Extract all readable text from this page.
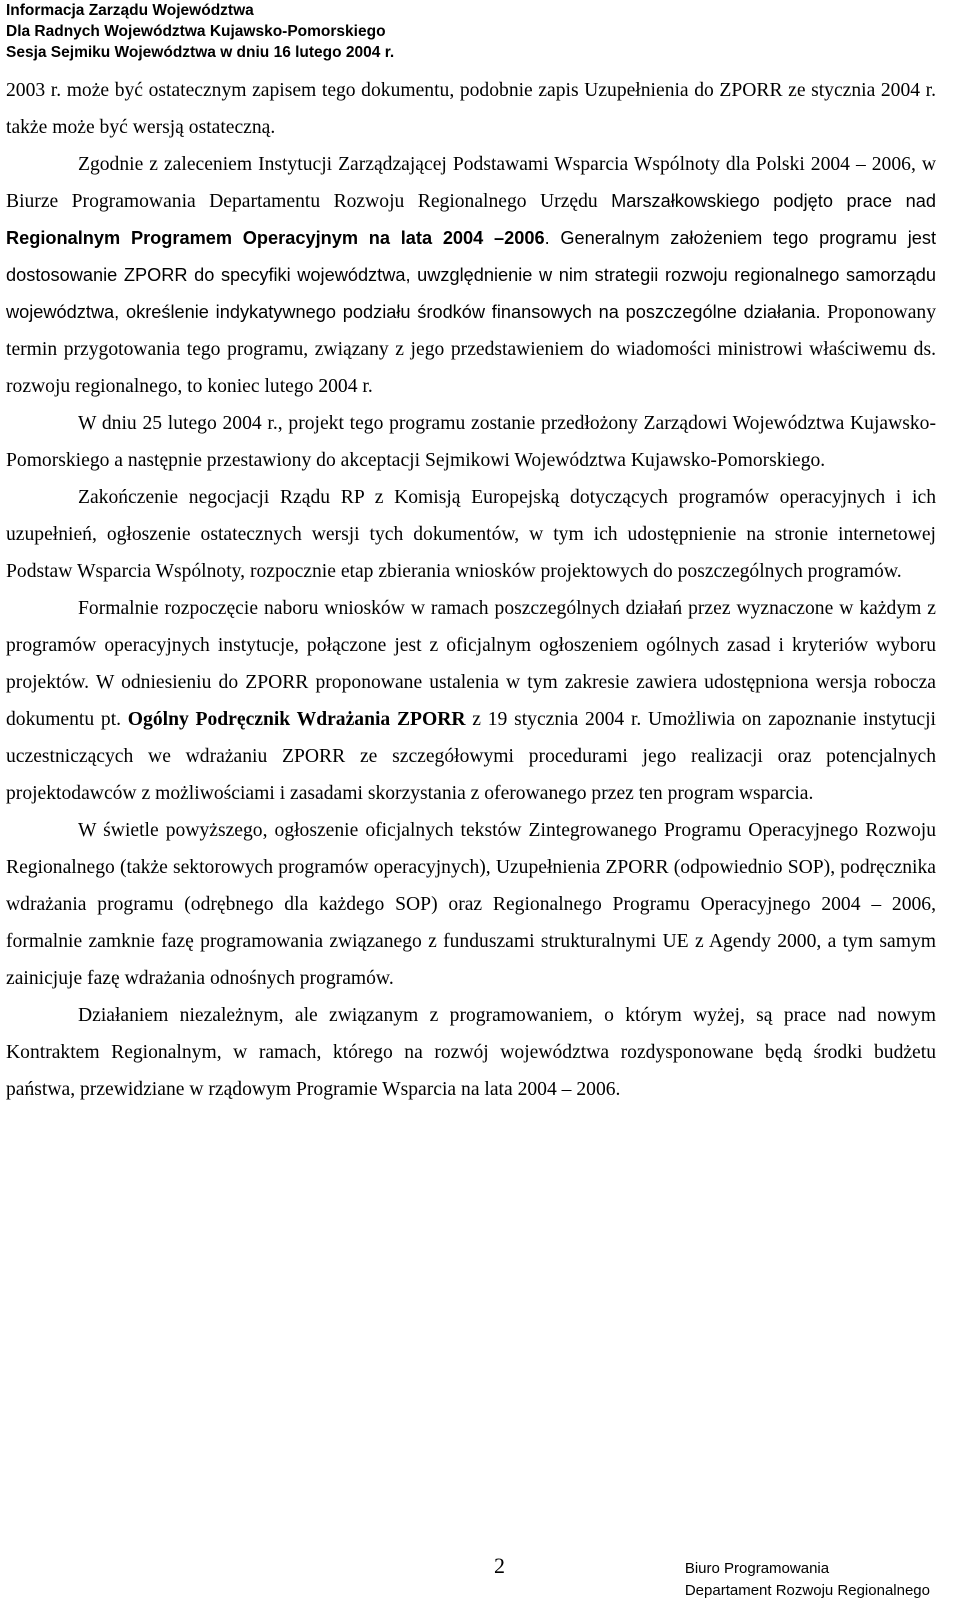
Informacja Zarządu Województwa
Dla Radnych Województwa Kujawsko-Pomorskiego
Sesja Sejmiku Województwa w dniu 16 lutego 2004 r.

2003 r. może być ostatecznym zapisem tego dokumentu, podobnie zapis Uzupełnienia do ZPORR ze stycznia 2004 r. także może być wersją ostateczną.

Zgodnie z zaleceniem Instytucji Zarządzającej Podstawami Wsparcia Wspólnoty dla Polski 2004 – 2006, w Biurze Programowania Departamentu Rozwoju Regionalnego Urzędu Marszałkowskiego podjęto prace nad Regionalnym Programem Operacyjnym na lata 2004 –2006. Generalnym założeniem tego programu jest dostosowanie ZPORR do specyfiki województwa, uwzględnienie w nim strategii rozwoju regionalnego samorządu województwa, określenie indykatywnego podziału środków finansowych na poszczególne działania. Proponowany termin przygotowania tego programu, związany z jego przedstawieniem do wiadomości ministrowi właściwemu ds. rozwoju regionalnego, to koniec lutego 2004 r.

W dniu 25 lutego 2004 r., projekt tego programu zostanie przedłożony Zarządowi Województwa Kujawsko-Pomorskiego a następnie przestawiony do akceptacji Sejmikowi Województwa Kujawsko-Pomorskiego.

Zakończenie negocjacji Rządu RP z Komisją Europejską dotyczących programów operacyjnych i ich uzupełnień, ogłoszenie ostatecznych wersji tych dokumentów, w tym ich udostępnienie na stronie internetowej Podstaw Wsparcia Wspólnoty, rozpocznie etap zbierania wniosków projektowych do poszczególnych programów.

Formalnie rozpoczęcie naboru wniosków w ramach poszczególnych działań przez wyznaczone w każdym z programów operacyjnych instytucje, połączone jest z oficjalnym ogłoszeniem ogólnych zasad i kryteriów wyboru projektów. W odniesieniu do ZPORR proponowane ustalenia w tym zakresie zawiera udostępniona wersja robocza dokumentu pt. Ogólny Podręcznik Wdrażania ZPORR z 19 stycznia 2004 r. Umożliwia on zapoznanie instytucji uczestniczących we wdrażaniu ZPORR ze szczegółowymi procedurami jego realizacji oraz potencjalnych projektodawców z możliwościami i zasadami skorzystania z oferowanego przez ten program wsparcia.

W świetle powyższego, ogłoszenie oficjalnych tekstów Zintegrowanego Programu Operacyjnego Rozwoju Regionalnego (także sektorowych programów operacyjnych), Uzupełnienia ZPORR (odpowiednio SOP), podręcznika wdrażania programu (odrębnego dla każdego SOP) oraz Regionalnego Programu Operacyjnego 2004 – 2006, formalnie zamknie fazę programowania związanego z funduszami strukturalnymi UE z Agendy 2000, a tym samym zainicjuje fazę wdrażania odnośnych programów.

Działaniem niezależnym, ale związanym z programowaniem, o którym wyżej, są prace nad nowym Kontraktem Regionalnym, w ramach, którego na rozwój województwa rozdysponowane będą środki budżetu państwa, przewidziane w rządowym Programie Wsparcia na lata 2004 – 2006.

2	Biuro Programowania
Departament Rozwoju Regionalnego
